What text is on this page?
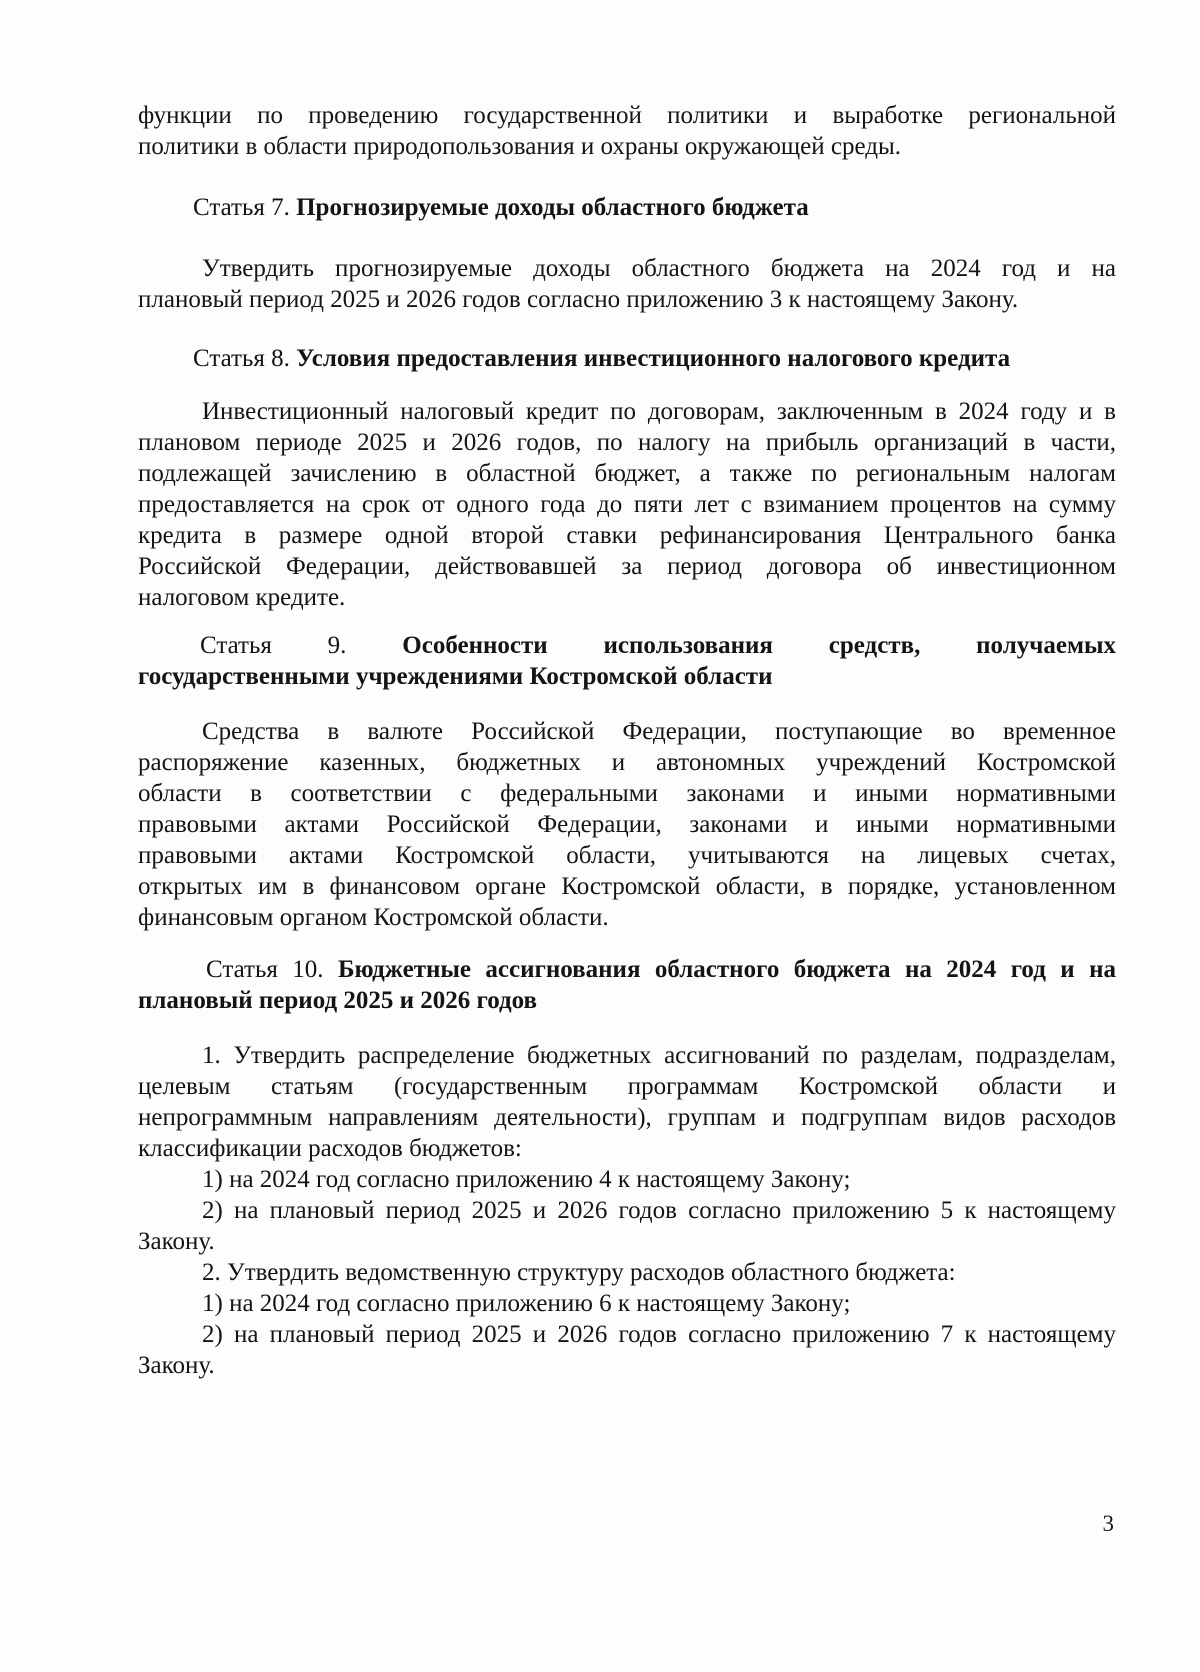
функции по проведению государственной политики и выработке региональной
политики в области природопользования и охраны окружающей среды.
Статья 7. Прогнозируемые доходы областного бюджета
Утвердить прогнозируемые доходы областного бюджета на 2024 год и на
плановый период 2025 и 2026 годов согласно приложению 3 к настоящему Закону.
Статья 8. Условия предоставления инвестиционного налогового кредита
Инвестиционный налоговый кредит по договорам, заключенным в 2024 году и в
плановом периоде 2025 и 2026 годов, по налогу на прибыль организаций в части,
подлежащей зачислению в областной бюджет, а также по региональным налогам
предоставляется на срок от одного года до пяти лет с взиманием процентов на сумму
кредита в размере одной второй ставки рефинансирования Центрального банка
Российской Федерации, действовавшей за период договора об инвестиционном
налоговом кредите.
Статья 9. Особенности использования средств, получаемых
государственными учреждениями Костромской области
Средства в валюте Российской Федерации, поступающие во временное
распоряжение казенных, бюджетных и автономных учреждений Костромской
области в соответствии с федеральными законами и иными нормативными
правовыми актами Российской Федерации, законами и иными нормативными
правовыми актами Костромской области, учитываются на лицевых счетах,
открытых им в финансовом органе Костромской области, в порядке, установленном
финансовым органом Костромской области.
Статья 10. Бюджетные ассигнования областного бюджета на 2024 год и на
плановый период 2025 и 2026 годов
1. Утвердить распределение бюджетных ассигнований по разделам, подразделам,
целевым статьям (государственным программам Костромской области и
непрограммным направлениям деятельности), группам и подгруппам видов расходов
классификации расходов бюджетов:
1) на 2024 год согласно приложению 4 к настоящему Закону;
2) на плановый период 2025 и 2026 годов согласно приложению 5 к настоящему
Закону.
2. Утвердить ведомственную структуру расходов областного бюджета:
1) на 2024 год согласно приложению 6 к настоящему Закону;
2) на плановый период 2025 и 2026 годов согласно приложению 7 к настоящему
Закону.
3
